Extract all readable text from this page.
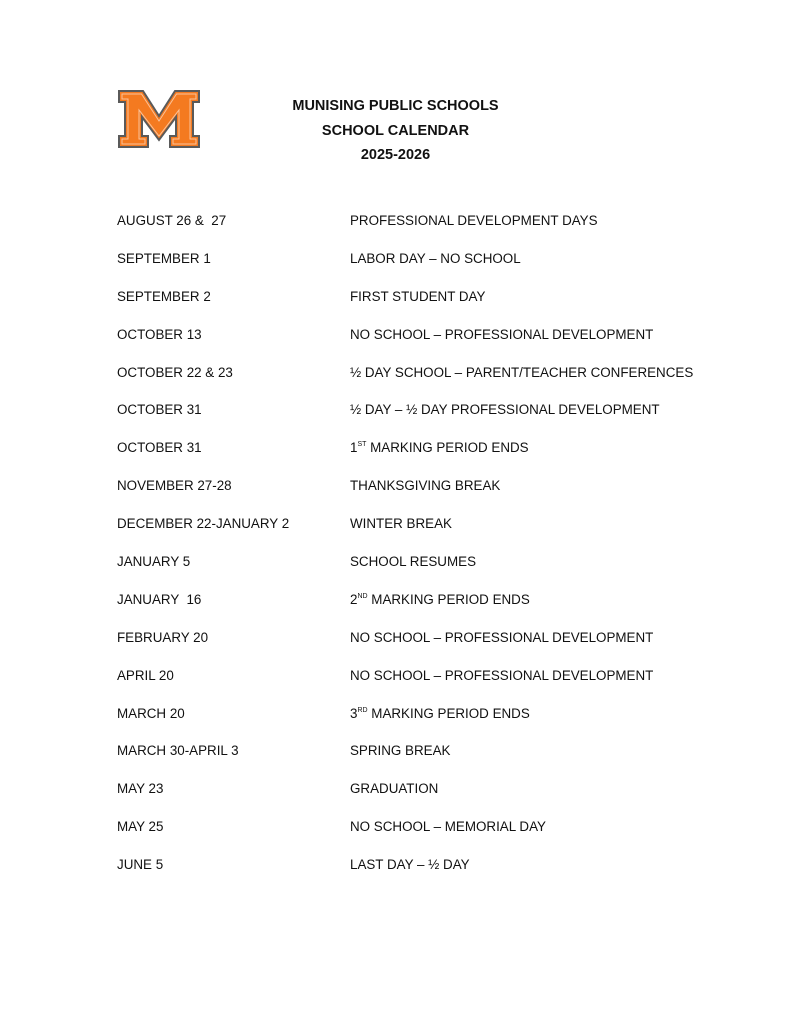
MUNISING PUBLIC SCHOOLS
SCHOOL CALENDAR
2025-2026
AUGUST 26 &  27	PROFESSIONAL DEVELOPMENT DAYS
SEPTEMBER 1	LABOR DAY – NO SCHOOL
SEPTEMBER 2	FIRST STUDENT DAY
OCTOBER 13	NO SCHOOL – PROFESSIONAL DEVELOPMENT
OCTOBER 22 & 23	½ DAY SCHOOL – PARENT/TEACHER CONFERENCES
OCTOBER 31	½ DAY – ½ DAY PROFESSIONAL DEVELOPMENT
OCTOBER 31	1ST MARKING PERIOD ENDS
NOVEMBER 27-28	THANKSGIVING BREAK
DECEMBER 22-JANUARY 2	WINTER BREAK
JANUARY 5	SCHOOL RESUMES
JANUARY  16	2ND MARKING PERIOD ENDS
FEBRUARY 20	NO SCHOOL – PROFESSIONAL DEVELOPMENT
APRIL 20	NO SCHOOL – PROFESSIONAL DEVELOPMENT
MARCH 20	3RD MARKING PERIOD ENDS
MARCH 30-APRIL 3	SPRING BREAK
MAY 23	GRADUATION
MAY 25	NO SCHOOL – MEMORIAL DAY
JUNE 5	LAST DAY – ½ DAY
